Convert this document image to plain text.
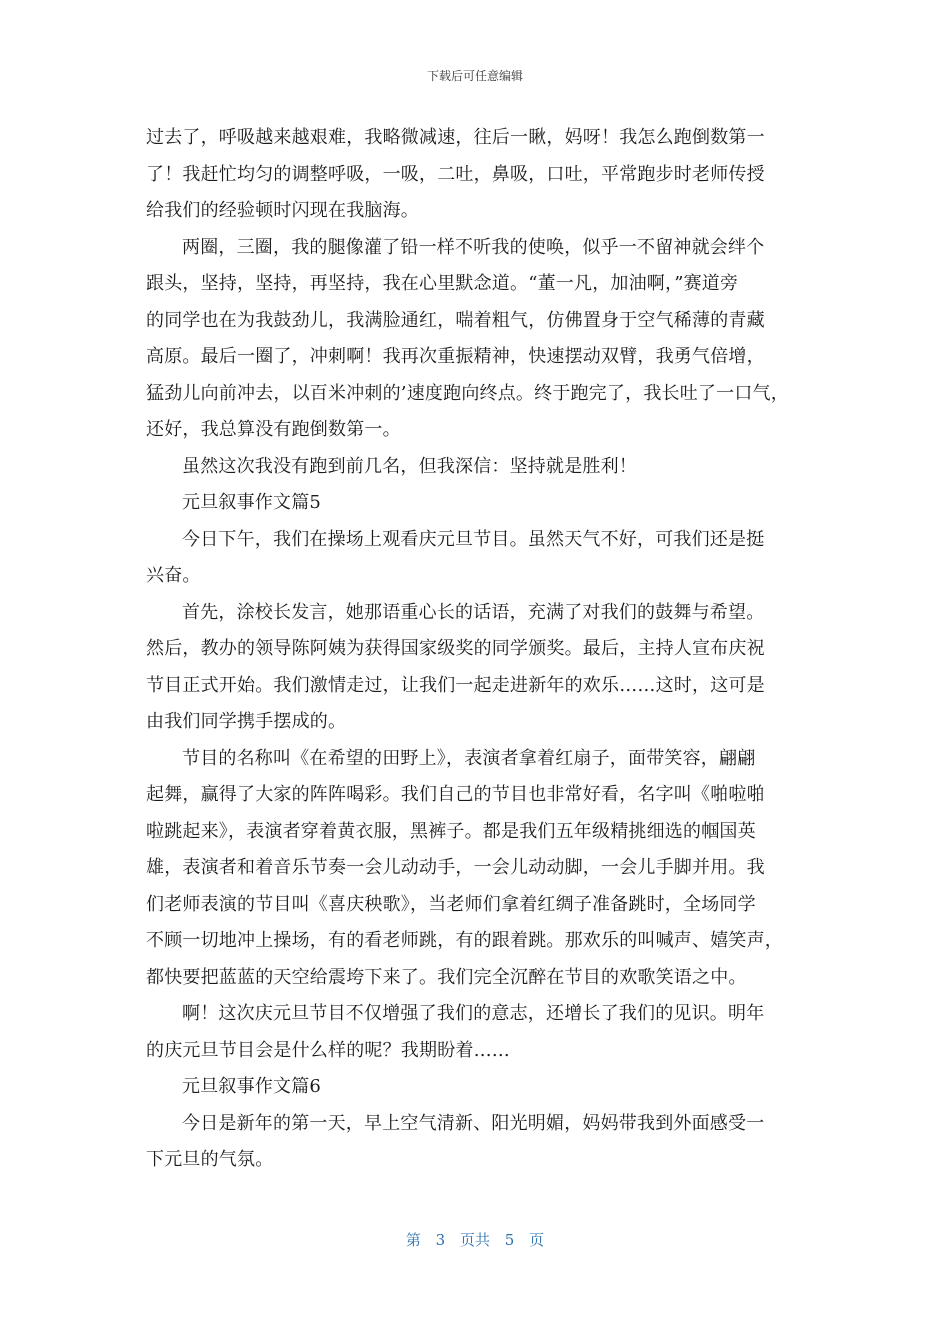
下载后可任意编辑
过去了，呼吸越来越艰难，我略微减速，往后一瞅，妈呀！我怎么跑倒数第一
了！我赶忙均匀的调整呼吸，一吸，二吐，鼻吸，口吐，平常跑步时老师传授
给我们的经验顿时闪现在我脑海。
两圈，三圈，我的腿像灌了铅一样不听我的使唤，似乎一不留神就会绊个
跟头，坚持，坚持，再坚持，我在心里默念道。“董一凡，加油啊，”赛道旁
的同学也在为我鼓劲儿，我满脸通红，喘着粗气，仿佛置身于空气稀薄的青藏
高原。最后一圈了，冲刺啊！我再次重振精神，快速摆动双臂，我勇气倍增，
猛劲儿向前冲去，以百米冲刺的’速度跑向终点。终于跑完了，我长吐了一口气，
还好，我总算没有跑倒数第一。
虽然这次我没有跑到前几名，但我深信：坚持就是胜利！
元旦叙事作文篇5
今日下午，我们在操场上观看庆元旦节目。虽然天气不好，可我们还是挺
兴奋。
首先，涂校长发言，她那语重心长的话语，充满了对我们的鼓舞与希望。
然后，教办的领导陈阿姨为获得国家级奖的同学颁奖。最后，主持人宣布庆祝
节目正式开始。我们激情走过，让我们一起走进新年的欢乐……这时，这可是
由我们同学携手摆成的。
节目的名称叫《在希望的田野上》，表演者拿着红扇子，面带笑容，翩翩
起舞，赢得了大家的阵阵喝彩。我们自己的节目也非常好看，名字叫《啪啦啪
啦跳起来》，表演者穿着黄衣服，黑裤子。都是我们五年级精挑细选的帼国英
雄，表演者和着音乐节奏一会儿动动手，一会儿动动脚，一会儿手脚并用。我
们老师表演的节目叫《喜庆秧歌》，当老师们拿着红绸子准备跳时，全场同学
不顾一切地冲上操场，有的看老师跳，有的跟着跳。那欢乐的叫喊声、嬉笑声，
都快要把蓝蓝的天空给震垮下来了。我们完全沉醉在节目的欢歌笑语之中。
啊！这次庆元旦节目不仅增强了我们的意志，还增长了我们的见识。明年
的庆元旦节目会是什么样的呢？我期盼着……
元旦叙事作文篇6
今日是新年的第一天，早上空气清新、阳光明媚，妈妈带我到外面感受一
下元旦的气氛。
第 3 页共 5 页
